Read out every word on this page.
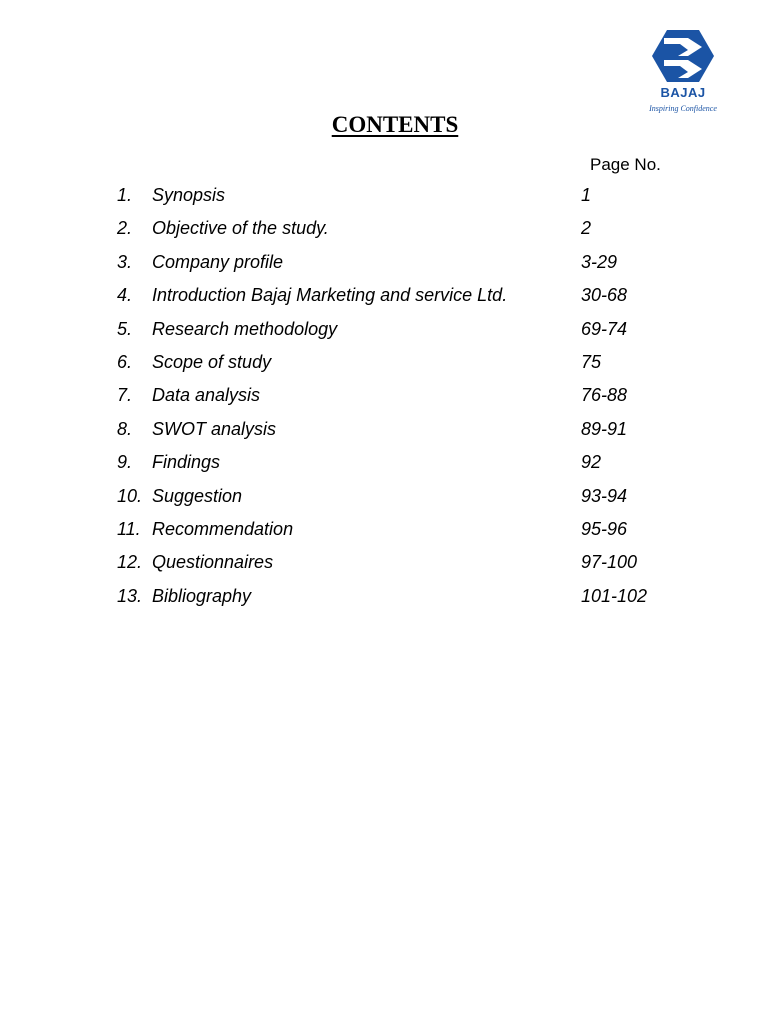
BAJAJ
Inspiring Confidence
CONTENTS
Page No.
1. Synopsis	1
2. Objective of the study.	2
3. Company profile	3-29
4. Introduction Bajaj Marketing and service Ltd.	30-68
5. Research methodology	69-74
6. Scope of study	75
7. Data analysis	76-88
8. SWOT analysis	89-91
9. Findings	92
10. Suggestion	93-94
11. Recommendation	95-96
12. Questionnaires	97-100
13. Bibliography	101-102
